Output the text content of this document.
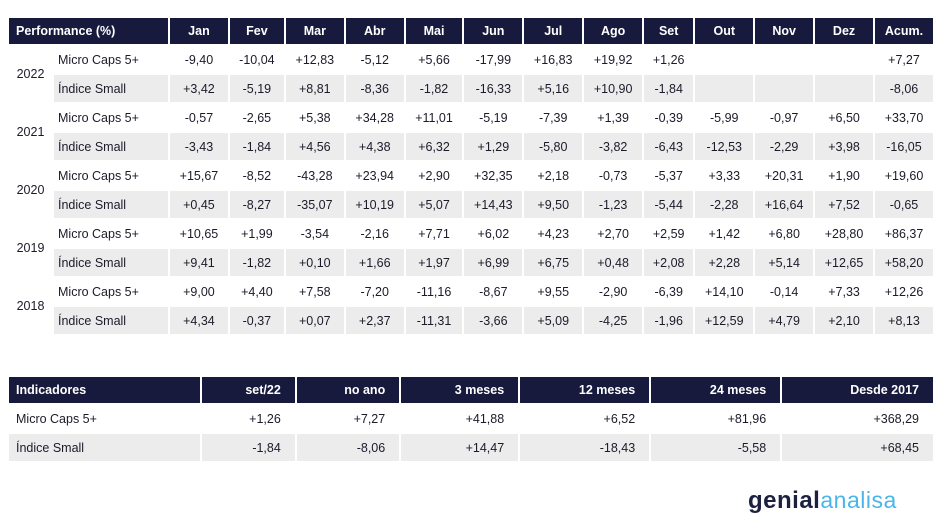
Performance (%)		Jan	Fev	Mar	Abr	Mai	Jun	Jul	Ago	Set	Out	Nov	Dez	Acum.
2022	Micro Caps 5+	-9,40	-10,04	+12,83	-5,12	+5,66	-17,99	+16,83	+19,92	+1,26				+7,27
	Índice Small	+3,42	-5,19	+8,81	-8,36	-1,82	-16,33	+5,16	+10,90	-1,84				-8,06
2021	Micro Caps 5+	-0,57	-2,65	+5,38	+34,28	+11,01	-5,19	-7,39	+1,39	-0,39	-5,99	-0,97	+6,50	+33,70
	Índice Small	-3,43	-1,84	+4,56	+4,38	+6,32	+1,29	-5,80	-3,82	-6,43	-12,53	-2,29	+3,98	-16,05
2020	Micro Caps 5+	+15,67	-8,52	-43,28	+23,94	+2,90	+32,35	+2,18	-0,73	-5,37	+3,33	+20,31	+1,90	+19,60
	Índice Small	+0,45	-8,27	-35,07	+10,19	+5,07	+14,43	+9,50	-1,23	-5,44	-2,28	+16,64	+7,52	-0,65
2019	Micro Caps 5+	+10,65	+1,99	-3,54	-2,16	+7,71	+6,02	+4,23	+2,70	+2,59	+1,42	+6,80	+28,80	+86,37
	Índice Small	+9,41	-1,82	+0,10	+1,66	+1,97	+6,99	+6,75	+0,48	+2,08	+2,28	+5,14	+12,65	+58,20
2018	Micro Caps 5+	+9,00	+4,40	+7,58	-7,20	-11,16	-8,67	+9,55	-2,90	-6,39	+14,10	-0,14	+7,33	+12,26
	Índice Small	+4,34	-0,37	+0,07	+2,37	-11,31	-3,66	+5,09	-4,25	-1,96	+12,59	+4,79	+2,10	+8,13
Indicadores	set/22	no ano	3 meses	12 meses	24 meses	Desde 2017
Micro Caps 5+	+1,26	+7,27	+41,88	+6,52	+81,96	+368,29
Índice Small	-1,84	-8,06	+14,47	-18,43	-5,58	+68,45
genialanalisa
